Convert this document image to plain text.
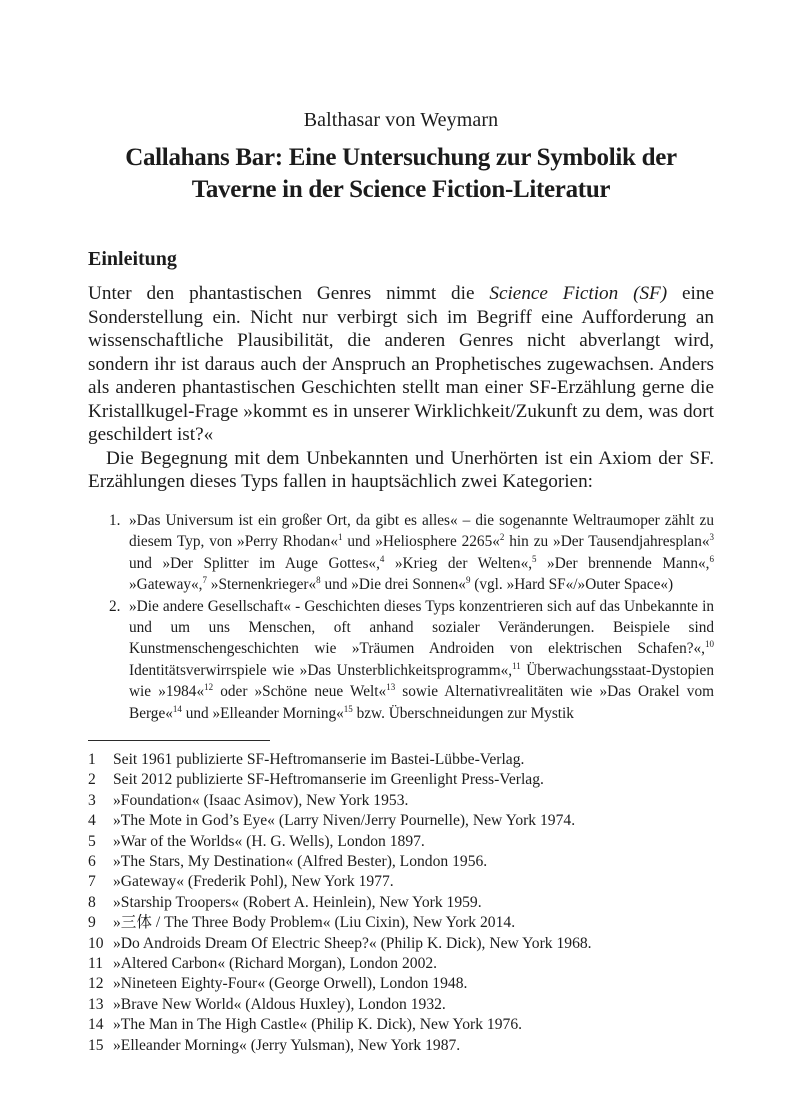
Balthasar von Weymarn
Callahans Bar: Eine Untersuchung zur Symbolik der
Taverne in der Science Fiction-Literatur
Einleitung

Unter den phantastischen Genres nimmt die Science Fiction (SF) eine Sonderstellung ein. Nicht nur verbirgt sich im Begriff eine Aufforderung an wissenschaftliche Plausibilität, die anderen Genres nicht abverlangt wird, sondern ihr ist daraus auch der Anspruch an Prophetisches zugewachsen. Anders als anderen phantastischen Geschichten stellt man einer SF-Erzählung gerne die Kristallkugel-Frage »kommt es in unserer Wirklichkeit/Zukunft zu dem, was dort geschildert ist?«

Die Begegnung mit dem Unbekannten und Unerhörten ist ein Axiom der SF. Erzählungen dieses Typs fallen in hauptsächlich zwei Kategorien:

1. »Das Universum ist ein großer Ort, da gibt es alles« – die sogenannte Weltraumoper zählt zu diesem Typ, von »Perry Rhodan«$^1$ und »Heliosphere 2265«$^2$ hin zu »Der Tausendjahresplan«$^3$ und »Der Splitter im Auge Gottes«,$^4$ »Krieg der Welten«,$^5$ »Der brennende Mann«,$^6$ »Gateway«,$^7$ »Sternenkrieger«$^8$ und »Die drei Sonnen«$^9$ (vgl. »Hard SF«/»Outer Space«)
2. »Die andere Gesellschaft« - Geschichten dieses Typs konzentrieren sich auf das Unbekannte in und um uns Menschen, oft anhand sozialer Veränderungen. Beispiele sind Kunstmenschengeschichten wie »Träumen Androiden von elektrischen Schafen?«,$^{10}$ Identitätsverwirrspiele wie »Das Unsterblichkeitsprogramm«,$^{11}$ Überwachungsstaat-Dystopien wie »1984«$^{12}$ oder »Schöne neue Welt«$^{13}$ sowie Alternativrealitäten wie »Das Orakel vom Berge«$^{14}$ und »Elleander Morning«$^{15}$ bzw. Überschneidungen zur Mystik
1 Seit 1961 publizierte SF-Heftromanserie im Bastei-Lübbe-Verlag.
2 Seit 2012 publizierte SF-Heftromanserie im Greenlight Press-Verlag.
3 »Foundation« (Isaac Asimov), New York 1953.
4 »The Mote in God’s Eye« (Larry Niven/Jerry Pournelle), New York 1974.
5 »War of the Worlds« (H. G. Wells), London 1897.
6 »The Stars, My Destination« (Alfred Bester), London 1956.
7 »Gateway« (Frederik Pohl), New York 1977.
8 »Starship Troopers« (Robert A. Heinlein), New York 1959.
9 »三体 / The Three Body Problem« (Liu Cixin), New York 2014.
10 »Do Androids Dream Of Electric Sheep?« (Philip K. Dick), New York 1968.
11 »Altered Carbon« (Richard Morgan), London 2002.
12 »Nineteen Eighty-Four« (George Orwell), London 1948.
13 »Brave New World« (Aldous Huxley), London 1932.
14 »The Man in The High Castle« (Philip K. Dick), New York 1976.
15 »Elleander Morning« (Jerry Yulsman), New York 1987.
